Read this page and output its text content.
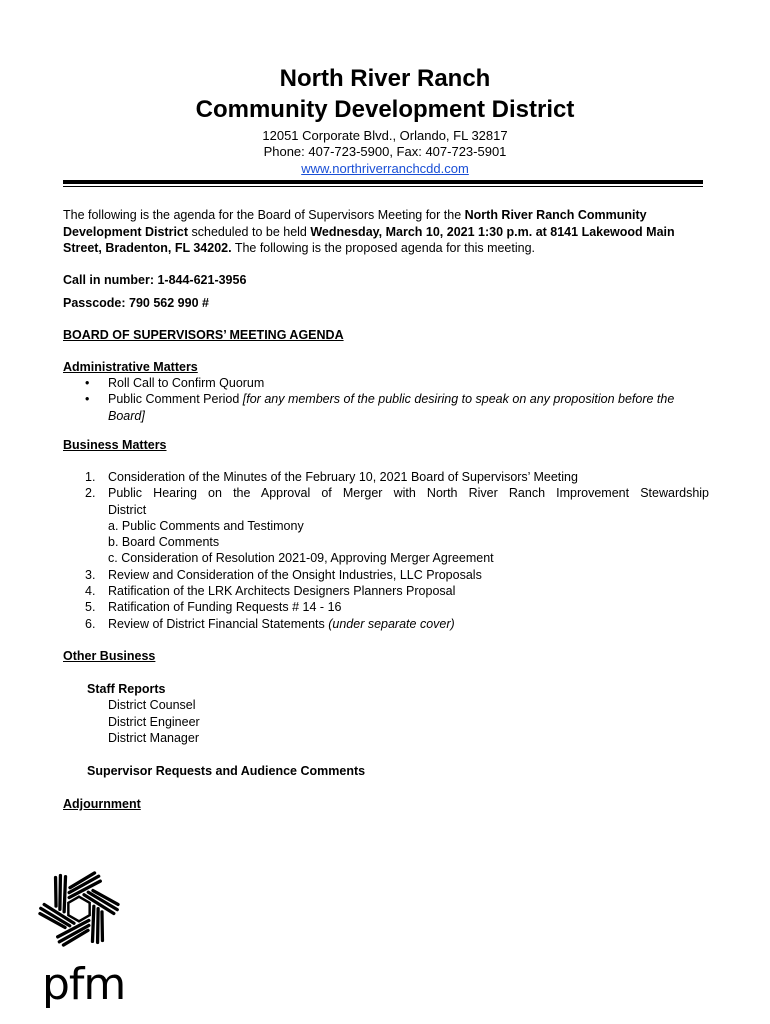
North River Ranch
Community Development District
12051 Corporate Blvd., Orlando, FL 32817
Phone: 407-723-5900, Fax: 407-723-5901
www.northriverranchcdd.com

The following is the agenda for the Board of Supervisors Meeting for the North River Ranch Community Development District scheduled to be held Wednesday, March 10, 2021 1:30 p.m. at 8141 Lakewood Main Street, Bradenton, FL 34202. The following is the proposed agenda for this meeting.

Call in number: 1-844-621-3956
Passcode: 790 562 990 #
BOARD OF SUPERVISORS’ MEETING AGENDA
Administrative Matters
• Roll Call to Confirm Quorum
• Public Comment Period [for any members of the public desiring to speak on any proposition before the Board]
Business Matters
1. Consideration of the Minutes of the February 10, 2021 Board of Supervisors’ Meeting
2. Public Hearing on the Approval of Merger with North River Ranch Improvement Stewardship
District
a. Public Comments and Testimony
b. Board Comments
c. Consideration of Resolution 2021-09, Approving Merger Agreement
3. Review and Consideration of the Onsight Industries, LLC Proposals
4. Ratification of the LRK Architects Designers Planners Proposal
5. Ratification of Funding Requests # 14 - 16
6. Review of District Financial Statements (under separate cover)
Other Business
Staff Reports
District Counsel
District Engineer
District Manager
Supervisor Requests and Audience Comments
Adjournment
pfm
